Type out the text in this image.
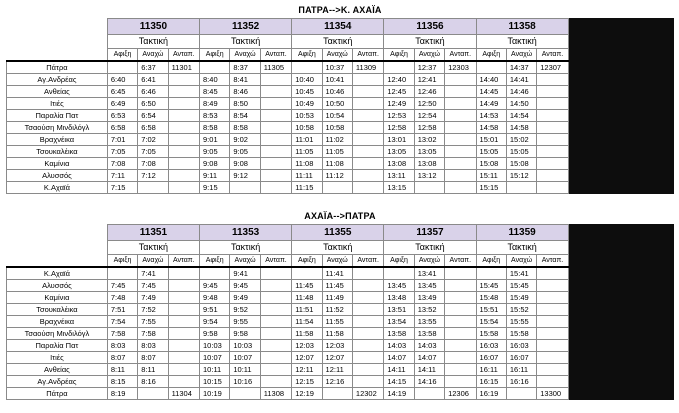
ΠΑΤΡΑ-->Κ. ΑΧΑΪΑ
	11350			11352			11354			11356			11358			
	Τακτική			Τακτική			Τακτική			Τακτική			Τακτική			
	Αφιξη	Αναχώ	Ανταπ.	Αφιξη	Αναχώ	Ανταπ.	Αφιξη	Αναχώ	Ανταπ.	Αφιξη	Αναχώ	Ανταπ.	Αφιξη	Αναχώ	Ανταπ.	
Πάτρα		6:37	11301		8:37	11305		10:37	11309		12:37	12303		14:37	12307	
Αγ.Ανδρέας	6:40	6:41		8:40	8:41		10:40	10:41		12:40	12:41		14:40	14:41		
Ανθείας	6:45	6:46		8:45	8:46		10:45	10:46		12:45	12:46		14:45	14:46		
Ιτιές	6:49	6:50		8:49	8:50		10:49	10:50		12:49	12:50		14:49	14:50		
Παραλία Πατ	6:53	6:54		8:53	8:54		10:53	10:54		12:53	12:54		14:53	14:54		
Τσαούση Μινδιλόγλ	6:58	6:58		8:58	8:58		10:58	10:58		12:58	12:58		14:58	14:58		
Βραχνέικα	7:01	7:02		9:01	9:02		11:01	11:02		13:01	13:02		15:01	15:02		
Τσουκαλέικα	7:05	7:05		9:05	9:05		11:05	11:05		13:05	13:05		15:05	15:05		
Καμίνια	7:08	7:08		9:08	9:08		11:08	11:08		13:08	13:08		15:08	15:08		
Αλυσσός	7:11	7:12		9:11	9:12		11:11	11:12		13:11	13:12		15:11	15:12		
Κ.Αχαϊά	7:15			9:15			11:15			13:15			15:15			
ΑΧΑΪΑ-->ΠΑΤΡΑ
	11351			11353			11355			11357			11359			
	Τακτική			Τακτική			Τακτική			Τακτική			Τακτική			
	Αφιξη	Αναχώ	Ανταπ.	Αφιξη	Αναχώ	Ανταπ.	Αφιξη	Αναχώ	Ανταπ.	Αφιξη	Αναχώ	Ανταπ.	Αφιξη	Αναχώ	Ανταπ.	
Κ.Αχαϊά		7:41			9:41			11:41			13:41			15:41		
Αλυσσός	7:45	7:45		9:45	9:45		11:45	11:45		13:45	13:45		15:45	15:45		
Καμίνια	7:48	7:49		9:48	9:49		11:48	11:49		13:48	13:49		15:48	15:49		
Τσουκαλέικα	7:51	7:52		9:51	9:52		11:51	11:52		13:51	13:52		15:51	15:52		
Βραχνέικα	7:54	7:55		9:54	9:55		11:54	11:55		13:54	13:55		15:54	15:55		
Τσαούση Μινδιλόγλ	7:58	7:58		9:58	9:58		11:58	11:58		13:58	13:58		15:58	15:58		
Παραλία Πατ	8:03	8:03		10:03	10:03		12:03	12:03		14:03	14:03		16:03	16:03		
Ιτιές	8:07	8:07		10:07	10:07		12:07	12:07		14:07	14:07		16:07	16:07		
Ανθείας	8:11	8:11		10:11	10:11		12:11	12:11		14:11	14:11		16:11	16:11		
Αγ.Ανδρέας	8:15	8:16		10:15	10:16		12:15	12:16		14:15	14:16		16:15	16:16		
Πάτρα	8:19		11304	10:19		11308	12:19		12302	14:19		12306	16:19		13300	
